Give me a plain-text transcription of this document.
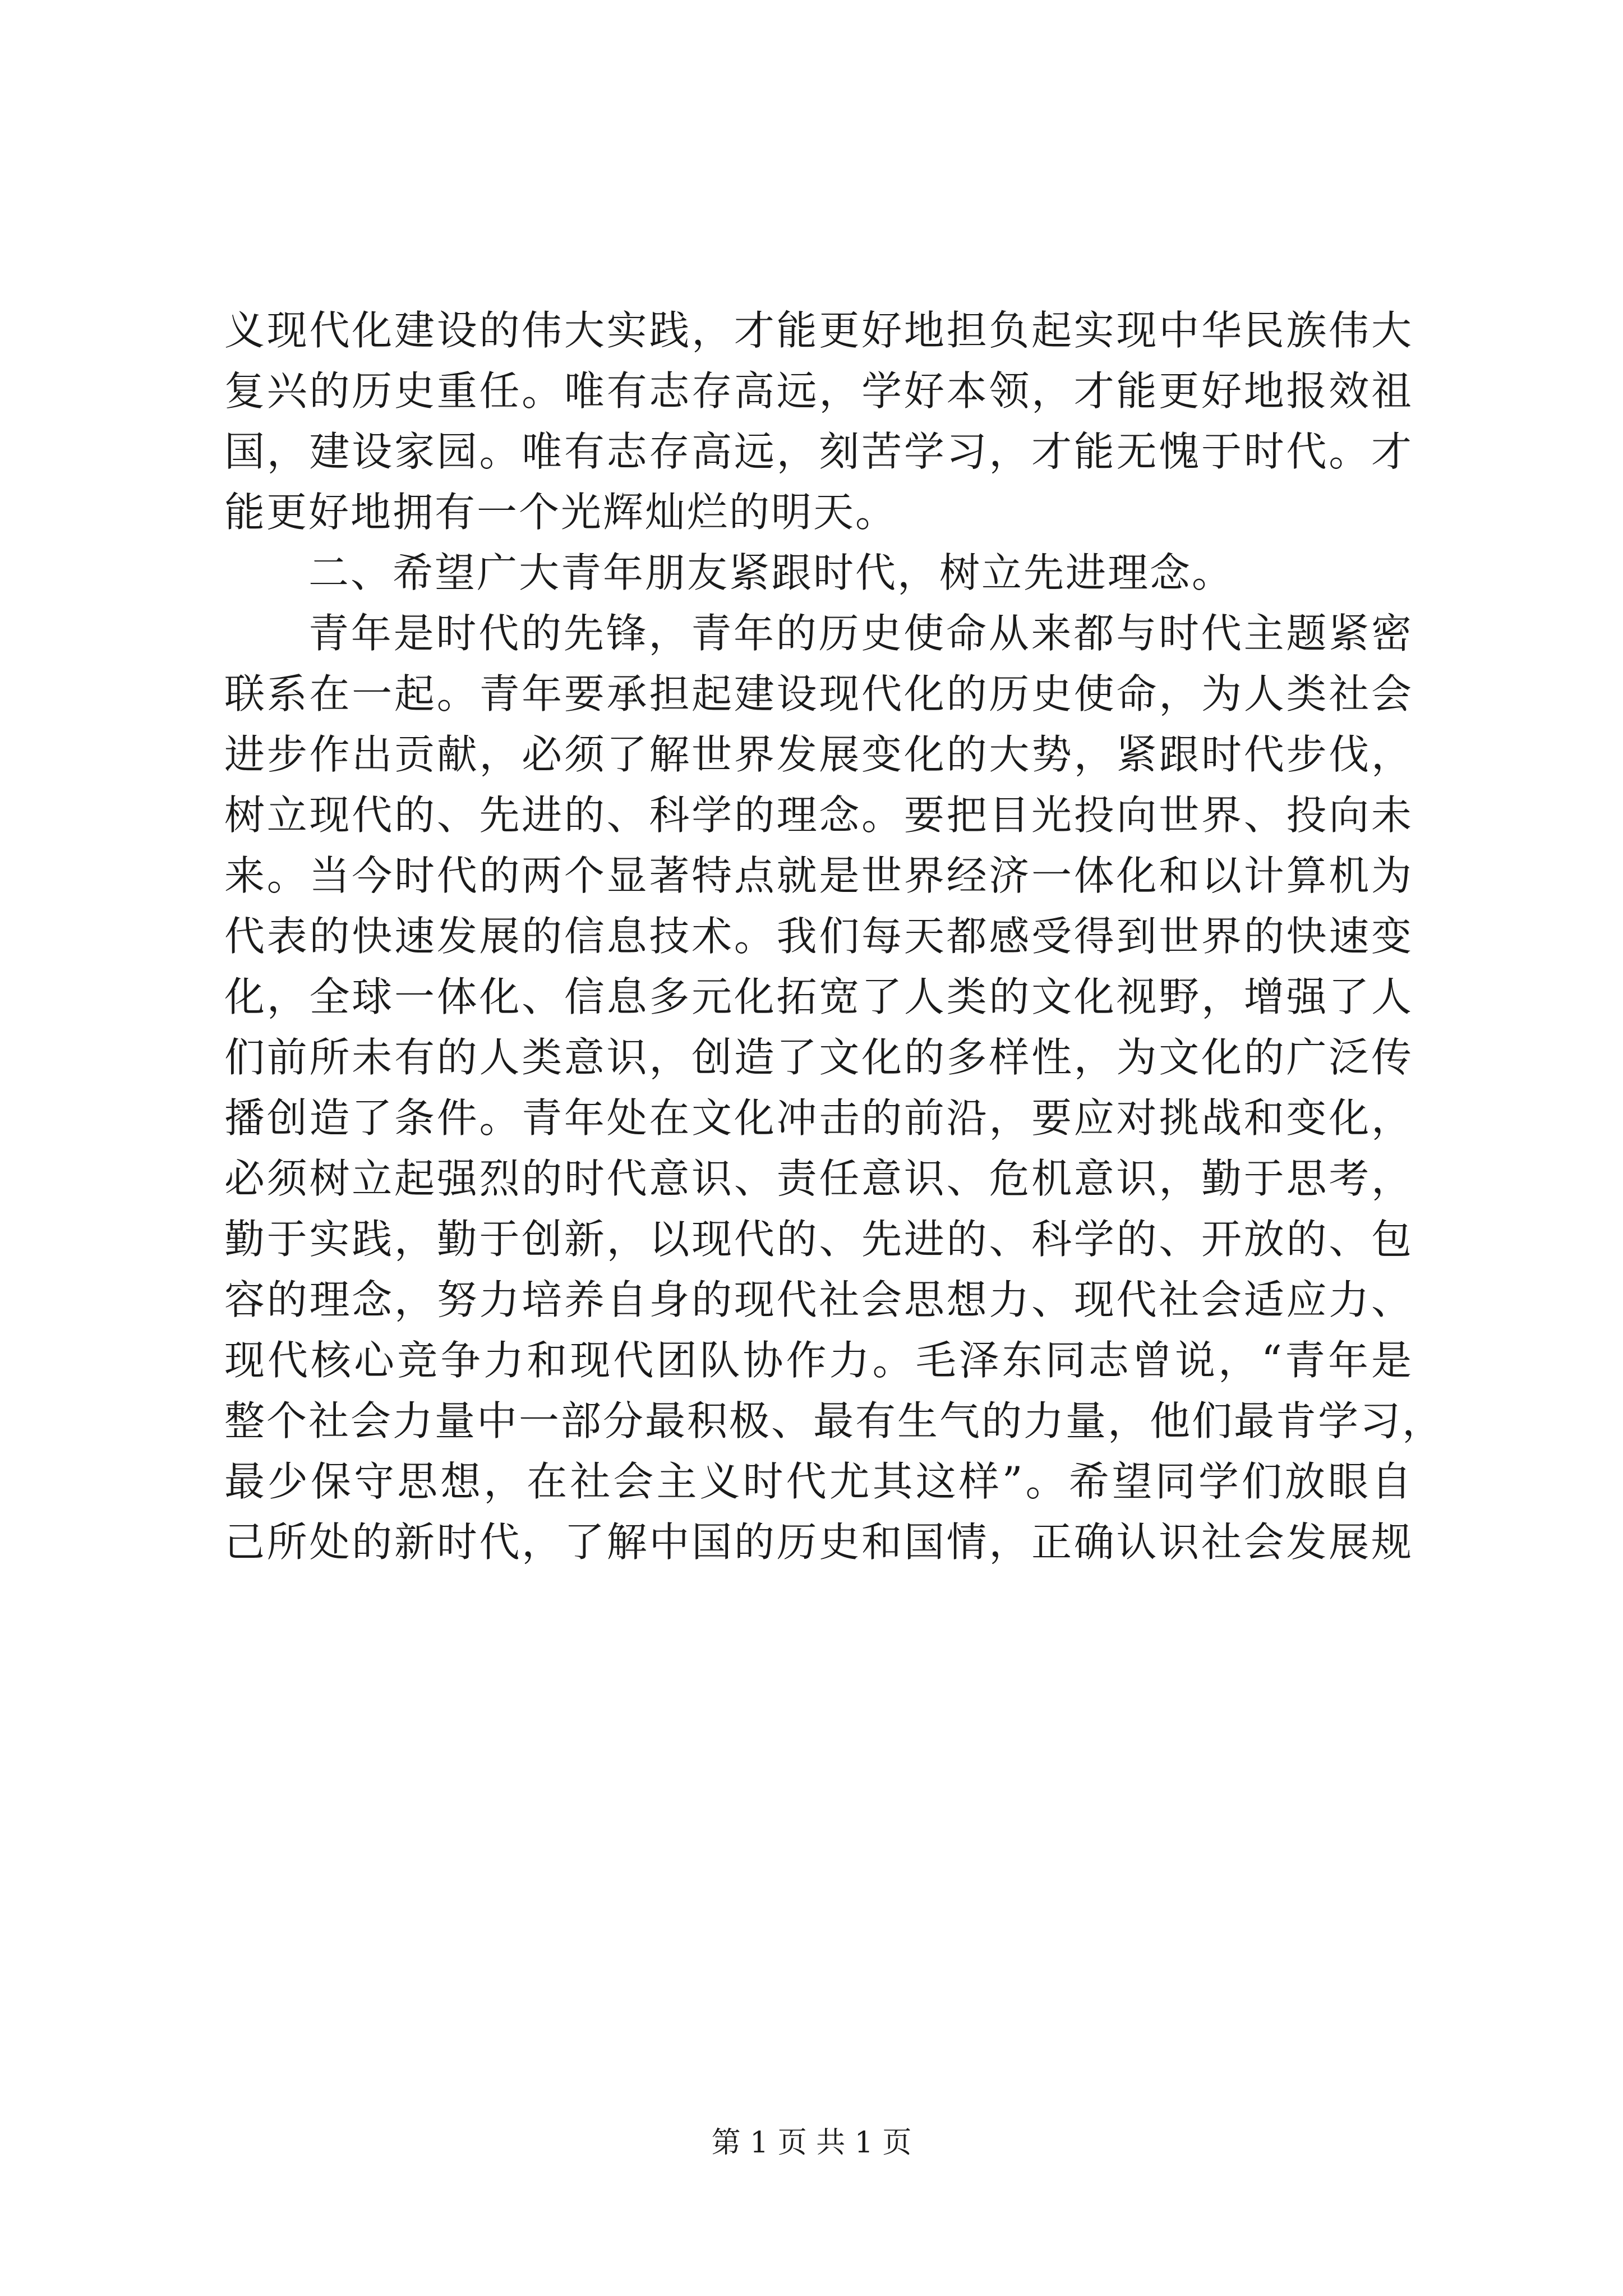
义现代化建设的伟大实践，才能更好地担负起实现中华民族伟大
复兴的历史重任。唯有志存高远，学好本领，才能更好地报效祖
国，建设家园。唯有志存高远，刻苦学习，才能无愧于时代。才
能更好地拥有一个光辉灿烂的明天。
二、希望广大青年朋友紧跟时代，树立先进理念。
青年是时代的先锋，青年的历史使命从来都与时代主题紧密
联系在一起。青年要承担起建设现代化的历史使命，为人类社会
进步作出贡献，必须了解世界发展变化的大势，紧跟时代步伐，
树立现代的、先进的、科学的理念。要把目光投向世界、投向未
来。当今时代的两个显著特点就是世界经济一体化和以计算机为
代表的快速发展的信息技术。我们每天都感受得到世界的快速变
化，全球一体化、信息多元化拓宽了人类的文化视野，增强了人
们前所未有的人类意识，创造了文化的多样性，为文化的广泛传
播创造了条件。青年处在文化冲击的前沿，要应对挑战和变化，
必须树立起强烈的时代意识、责任意识、危机意识，勤于思考，
勤于实践，勤于创新，以现代的、先进的、科学的、开放的、包
容的理念，努力培养自身的现代社会思想力、现代社会适应力、
现代核心竞争力和现代团队协作力。毛泽东同志曾说，“青年是
整个社会力量中一部分最积极、最有生气的力量，他们最肯学习，
最少保守思想，在社会主义时代尤其这样”。希望同学们放眼自
己所处的新时代，了解中国的历史和国情，正确认识社会发展规
第 1 页 共 1 页
